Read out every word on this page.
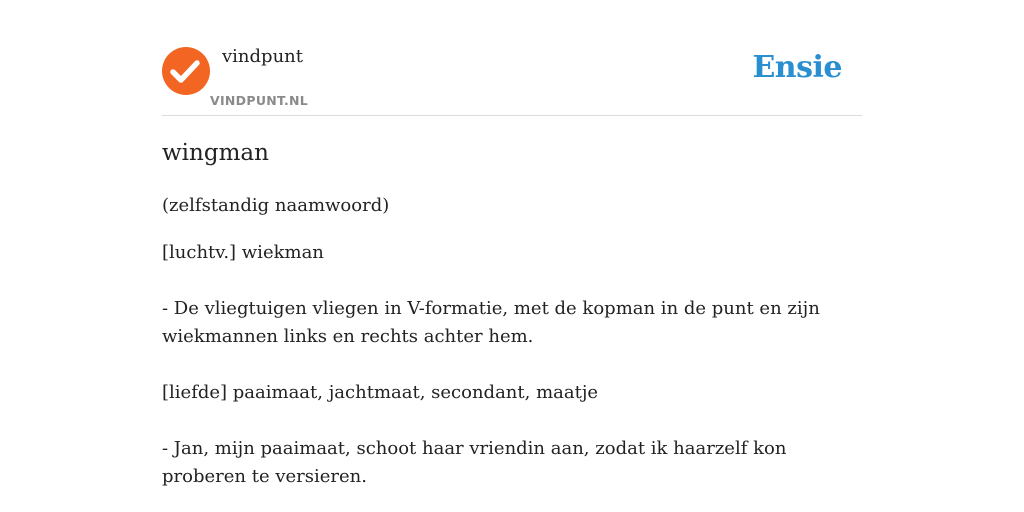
vindpunt
VINDPUNT.NL
Ensie
wingman
(zelfstandig naamwoord)
[luchtv.] wiekman
- De vliegtuigen vliegen in V-formatie, met de kopman in de punt en zijn wiekmannen links en rechts achter hem.
[liefde] paaimaat, jachtmaat, secondant, maatje
- Jan, mijn paaimaat, schoot haar vriendin aan, zodat ik haarzelf kon proberen te versieren.
